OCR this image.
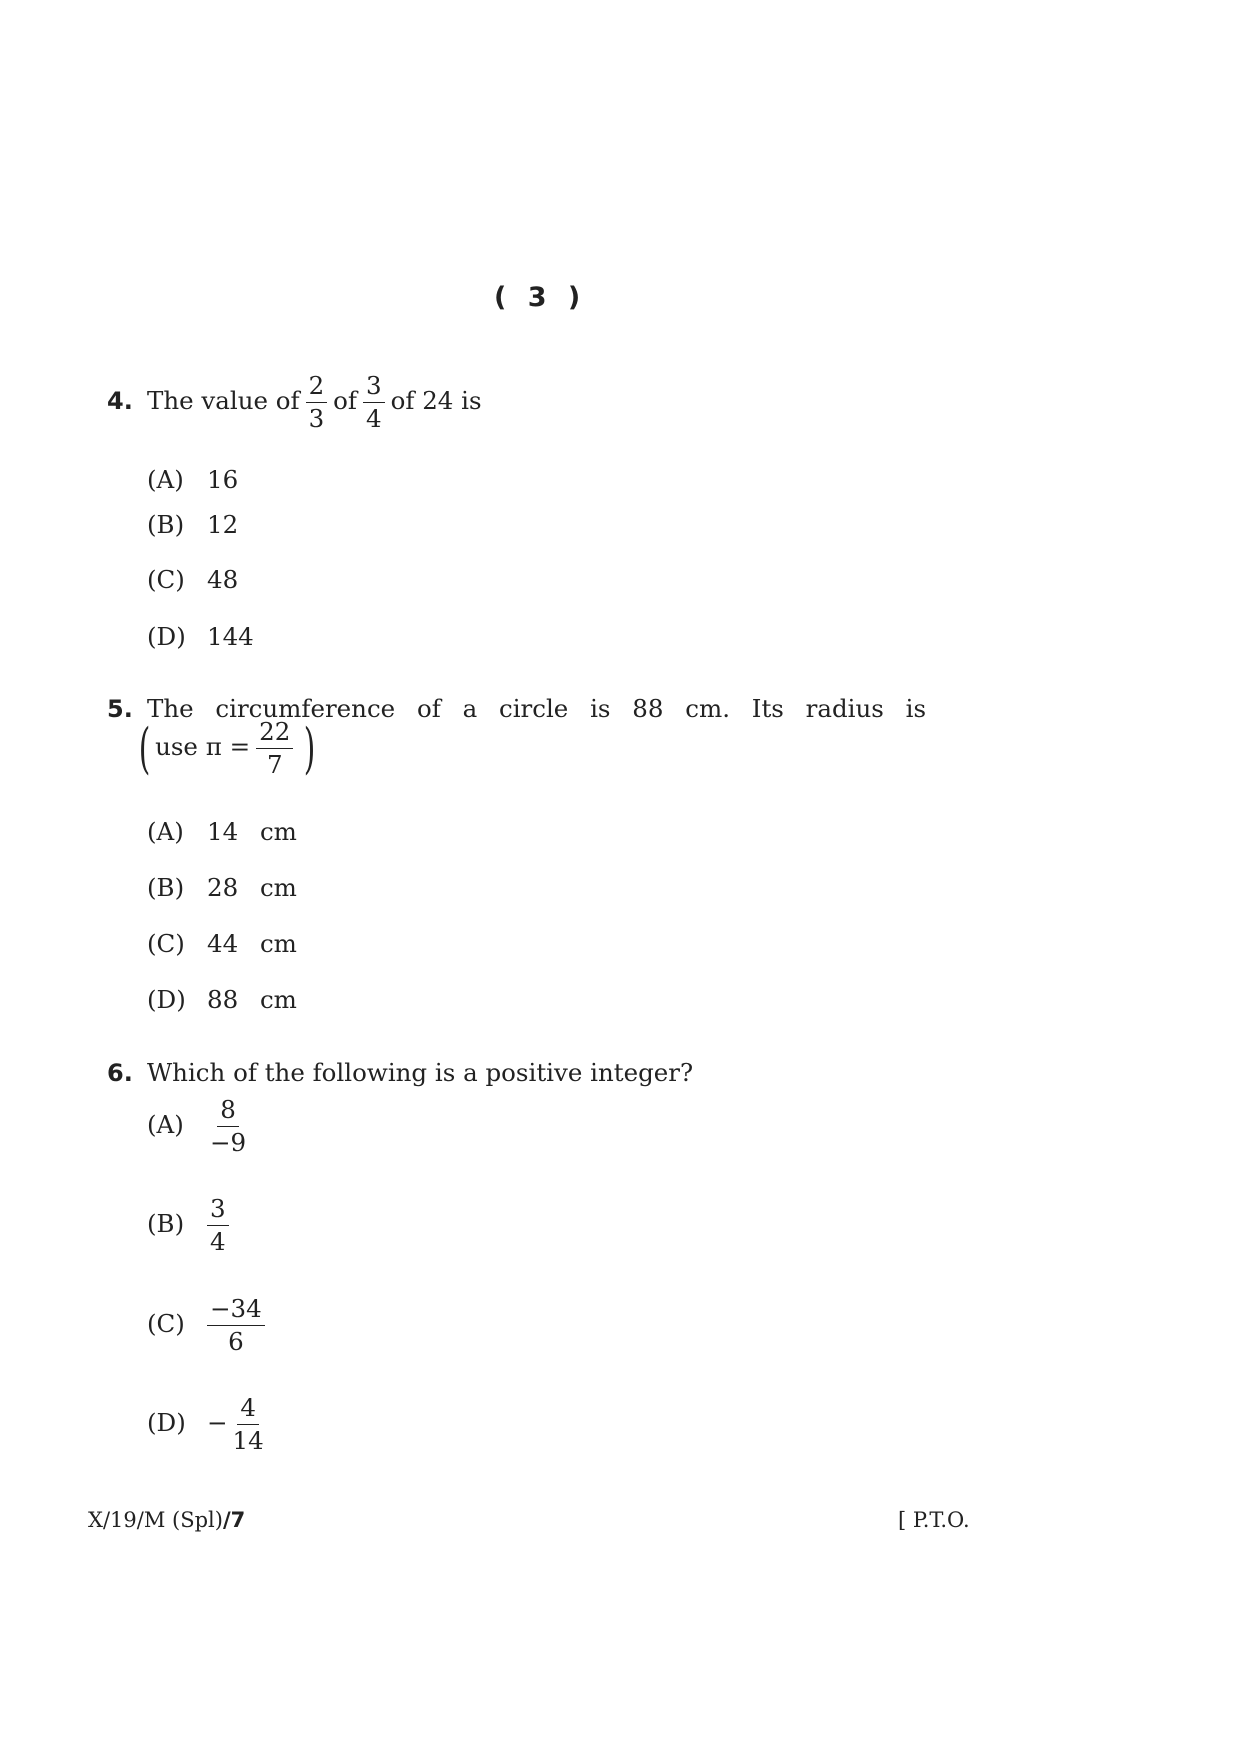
( 3 )
4. The value of $\frac{2}{3}$ of $\frac{3}{4}$ of 24 is
(A) 16
(B) 12
(C) 48
(D) 144
5. The circumference of a circle is 88 cm. Its radius is
( use $\pi = \frac{22}{7}$ )
(A) 14 cm
(B) 28 cm
(C) 44 cm
(D) 88 cm
6. Which of the following is a positive integer?
$(A) \frac{8}{-9}$
$(B) \frac{3}{4}$
$(C) \frac{-34}{6}$
$(D) - \frac{4}{14}$
X/19/M (Spl)/7	[ P.T.O.
